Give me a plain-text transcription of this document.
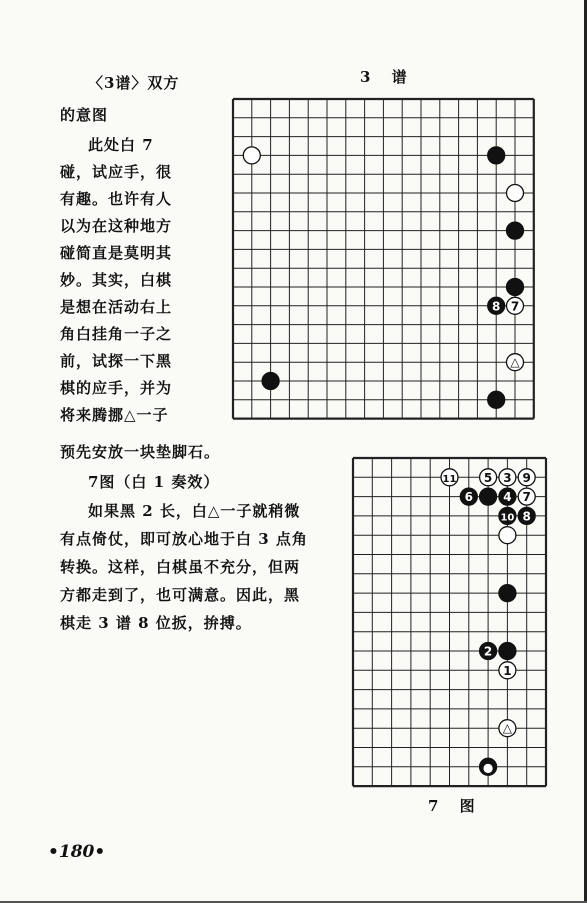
〈3谱〉双方
的意图
此处白 7
碰，试应手，很
有趣。也许有人
以为在这种地方
碰简直是莫明其
妙。其实，白棋
是想在活动右上
角白挂角一子之
前，试探一下黑
棋的应手，并为
将来腾挪△一子
预先安放一块垫脚石。
7图（白 1 奏效）
如果黑 2 长，白△一子就稍微
有点倚仗，即可放心地于白 3 点角
转换。这样，白棋虽不充分，但两
方都走到了，也可满意。因此，黑
棋走 3 谱 8 位扳，拚搏。
3 谱
8 7
△
11 5 3 9
6	4 7
10 8
2
1
△
●
7 图
•180•
